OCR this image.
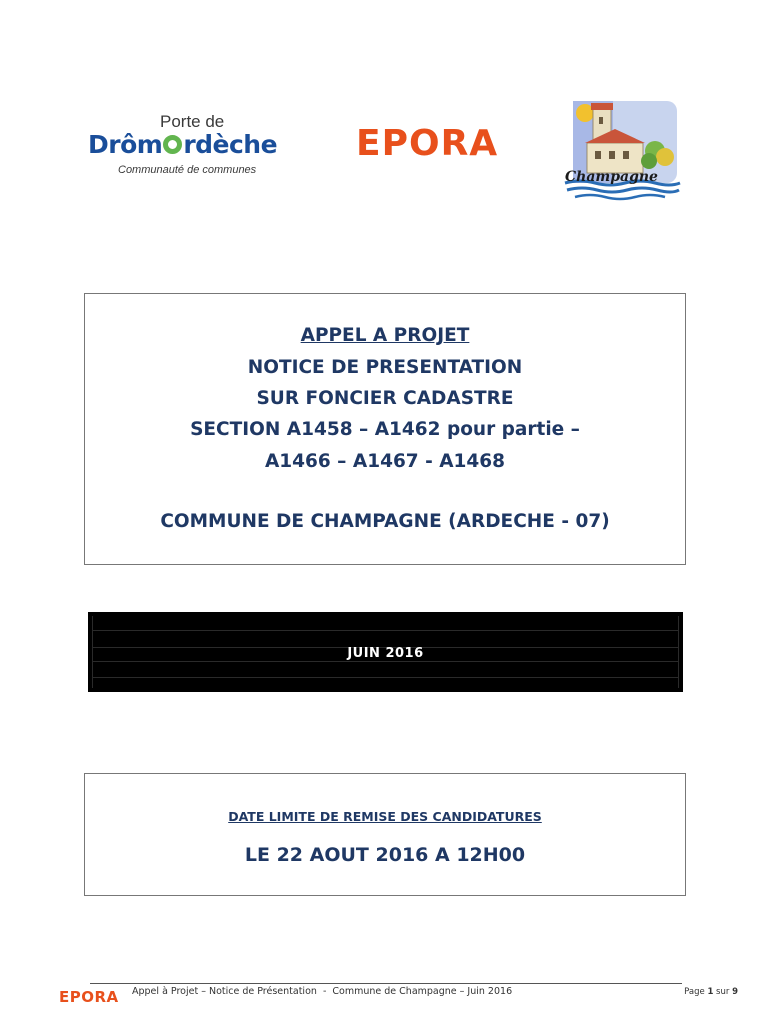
Porte de
Drôm rdèche
Communauté de communes
EPORA
Champagne
APPEL A PROJET
NOTICE DE PRESENTATION
SUR FONCIER CADASTRE
SECTION A1458 – A1462 pour partie –
A1466 – A1467 - A1468
COMMUNE DE CHAMPAGNE (ARDECHE - 07)
JUIN 2016
DATE LIMITE DE REMISE DES CANDIDATURES
LE 22 AOUT 2016 A 12H00
EPORA Appel à Projet – Notice de Présentation  -  Commune de Champagne – Juin 2016	Page 1 sur 9
